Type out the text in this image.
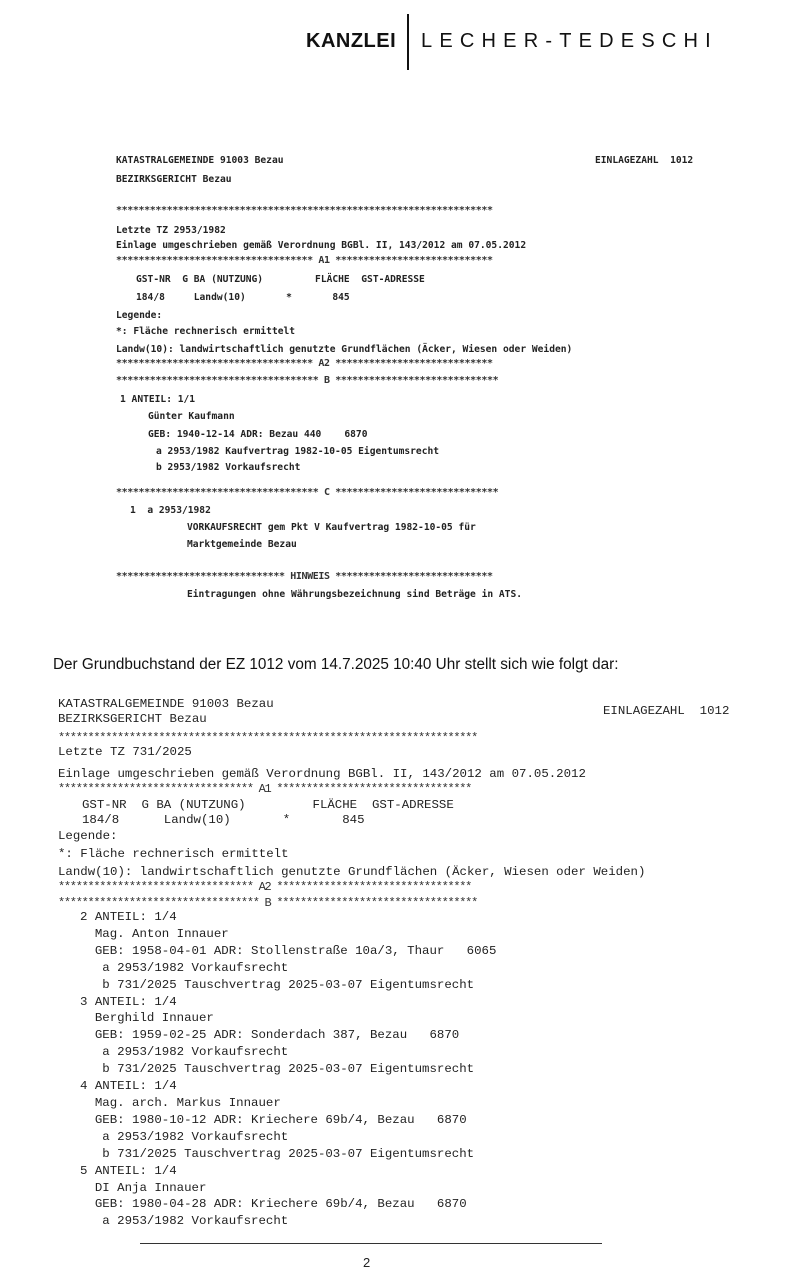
KANZLEI LECHER-TEDESCHI
KATASTRALGEMEINDE 91003 Bezau	EINLAGEZAHL  1012
BEZIRKSGERICHT Bezau
*******************************************************************
Letzte TZ 2953/1982
Einlage umgeschrieben gemäß Verordnung BGBl. II, 143/2012 am 07.05.2012
*********************************** A1 ****************************
GST-NR  G BA (NUTZUNG)         FLÄCHE  GST-ADRESSE
184/8     Landw(10)       *       845
Legende:
*: Fläche rechnerisch ermittelt
Landw(10): landwirtschaftlich genutzte Grundflächen (Äcker, Wiesen oder Weiden)
*********************************** A2 ****************************
************************************ B *****************************
1 ANTEIL: 1/1
Günter Kaufmann
GEB: 1940-12-14 ADR: Bezau 440    6870
a 2953/1982 Kaufvertrag 1982-10-05 Eigentumsrecht
b 2953/1982 Vorkaufsrecht
************************************ C *****************************
1  a 2953/1982
VORKAUFSRECHT gem Pkt V Kaufvertrag 1982-10-05 für
Marktgemeinde Bezau
****************************** HINWEIS ****************************
Eintragungen ohne Währungsbezeichnung sind Beträge in ATS.
Der Grundbuchstand der EZ 1012 vom 14.7.2025 10:40 Uhr stellt sich wie folgt dar:
KATASTRALGEMEINDE 91003 Bezau	EINLAGEZAHL  1012
BEZIRKSGERICHT Bezau
***********************************************************************
Letzte TZ 731/2025
Einlage umgeschrieben gemäß Verordnung BGBl. II, 143/2012 am 07.05.2012
********************************* A1 *********************************
GST-NR  G BA (NUTZUNG)         FLÄCHE  GST-ADRESSE
184/8      Landw(10)       *       845
Legende:
*: Fläche rechnerisch ermittelt
Landw(10): landwirtschaftlich genutzte Grundflächen (Äcker, Wiesen oder Weiden)
********************************* A2 *********************************
********************************** B **********************************
2 ANTEIL: 1/4
Mag. Anton Innauer
GEB: 1958-04-01 ADR: Stollenstraße 10a/3, Thaur   6065
a 2953/1982 Vorkaufsrecht
b 731/2025 Tauschvertrag 2025-03-07 Eigentumsrecht
3 ANTEIL: 1/4
Berghild Innauer
GEB: 1959-02-25 ADR: Sonderdach 387, Bezau   6870
a 2953/1982 Vorkaufsrecht
b 731/2025 Tauschvertrag 2025-03-07 Eigentumsrecht
4 ANTEIL: 1/4
Mag. arch. Markus Innauer
GEB: 1980-10-12 ADR: Kriechere 69b/4, Bezau   6870
a 2953/1982 Vorkaufsrecht
b 731/2025 Tauschvertrag 2025-03-07 Eigentumsrecht
5 ANTEIL: 1/4
DI Anja Innauer
GEB: 1980-04-28 ADR: Kriechere 69b/4, Bezau   6870
a 2953/1982 Vorkaufsrecht
2
